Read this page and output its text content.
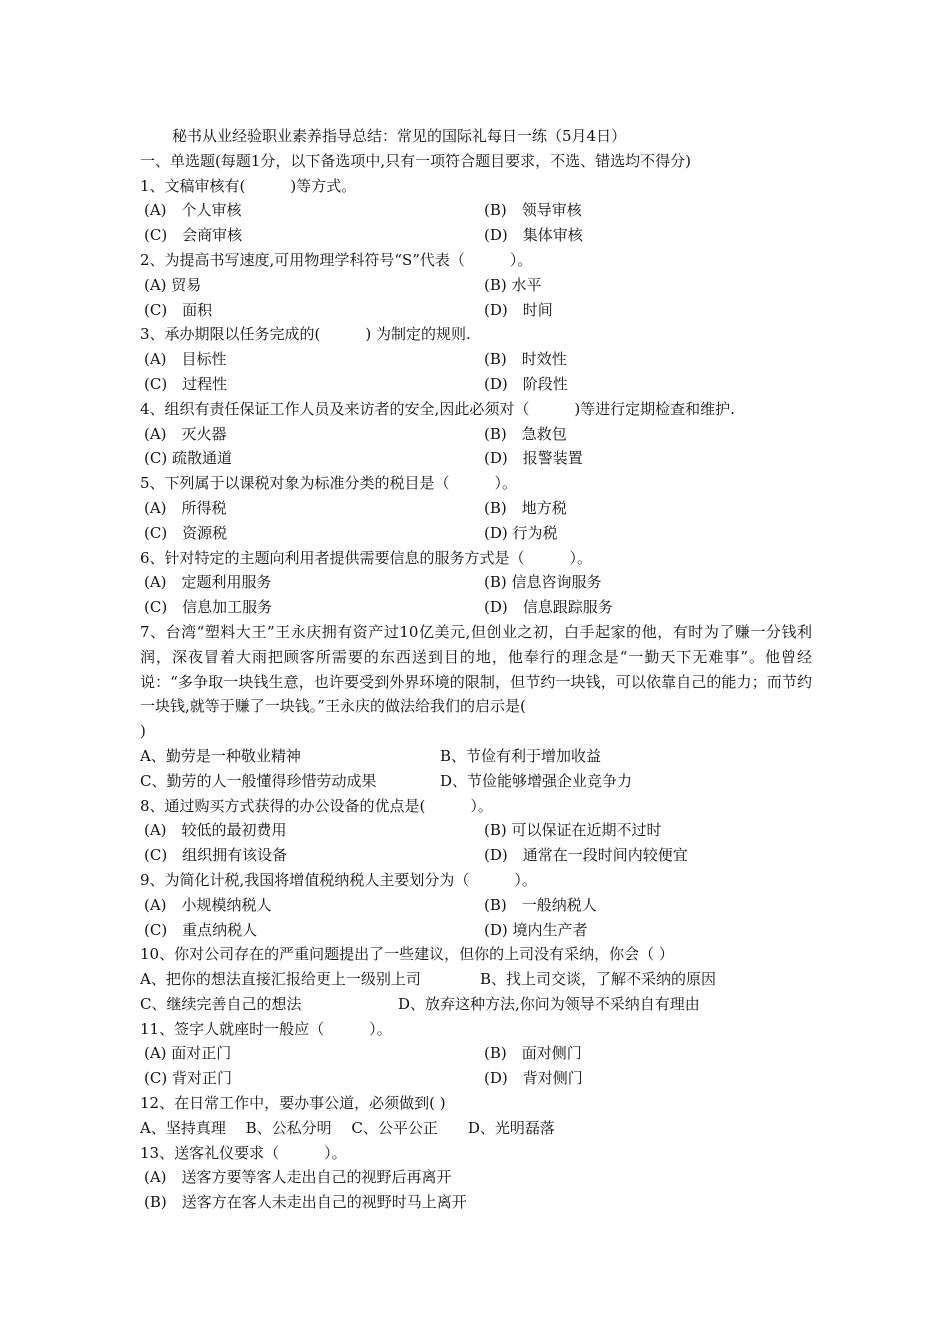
秘书从业经验职业素养指导总结：常见的国际礼每日一练（5月4日）
一、单选题(每题1分，以下备选项中,只有一项符合题目要求，不选、错选均不得分)
1、文稿审核有(　　　)等方式。
(A)　个人审核	(B)　领导审核
(C)　会商审核	(D)　集体审核
2、为提高书写速度,可用物理学科符号“S”代表（　　　）。
(A) 贸易	(B) 水平
(C)　面积	(D)　时间
3、承办期限以任务完成的(　　　) 为制定的规则.
(A)　目标性	(B)　时效性
(C)　过程性	(D)　阶段性
4、组织有责任保证工作人员及来访者的安全,因此必须对（　　　)等进行定期检查和维护.
(A)　灭火器	(B)　急救包
(C) 疏散通道	(D)　报警装置
5、下列属于以课税对象为标准分类的税目是（　　　）。
(A)　所得税	(B)　地方税
(C)　资源税	(D) 行为税
6、针对特定的主题向利用者提供需要信息的服务方式是（　　　）。
(A)　定题利用服务	(B) 信息咨询服务
(C)　信息加工服务	(D)　信息跟踪服务
7、台湾“塑料大王”王永庆拥有资产过10亿美元,但创业之初，白手起家的他，有时为了赚一分钱利润，深夜冒着大雨把顾客所需要的东西送到目的地，他奉行的理念是“一勤天下无难事”。他曾经说：“多争取一块钱生意，也许要受到外界环境的限制，但节约一块钱，可以依靠自己的能力；而节约一块钱,就等于赚了一块钱。”王永庆的做法给我们的启示是(
)
A、勤劳是一种敬业精神	B、节俭有利于增加收益
C、勤劳的人一般懂得珍惜劳动成果	D、节俭能够增强企业竞争力
8、通过购买方式获得的办公设备的优点是(　　　）。
(A)　较低的最初费用	(B) 可以保证在近期不过时
(C)　组织拥有该设备	(D)　通常在一段时间内较便宜
9、为简化计税,我国将增值税纳税人主要划分为（　　　）。
(A)　小规模纳税人	(B)　一般纳税人
(C)　重点纳税人	(D) 境内生产者
10、你对公司存在的严重问题提出了一些建议，但你的上司没有采纳，你会（ ）
A、把你的想法直接汇报给更上一级别上司	B、找上司交谈，了解不采纳的原因
C、继续完善自己的想法	D、放弃这种方法,你问为领导不采纳自有理由
11、签字人就座时一般应（　　　）。
(A) 面对正门	(B)　面对侧门
(C) 背对正门	(D)　背对侧门
12、在日常工作中，要办事公道，必须做到( )
A、坚持真理　 B、公私分明　 C、公平公正　　D、光明磊落
13、送客礼仪要求（　　　）。
(A)　送客方要等客人走出自己的视野后再离开
(B)　送客方在客人未走出自己的视野时马上离开
